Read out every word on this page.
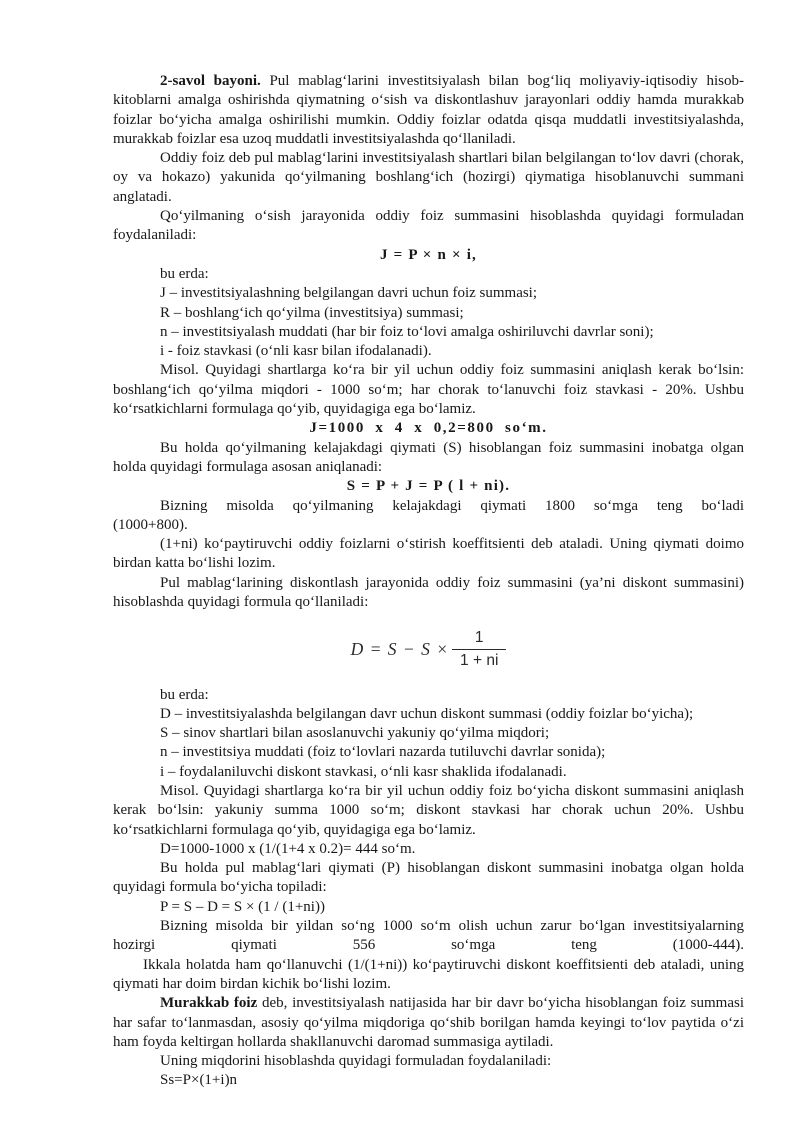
2-savol bayoni. Pul mablag‘larini investitsiyalash bilan bog‘liq moliyaviy-iqtisodiy hisob-kitoblarni amalga oshirishda qiymatning o‘sish va diskontlashuv jarayonlari oddiy hamda murakkab foizlar bo‘yicha amalga oshirilishi mumkin. Oddiy foizlar odatda qisqa muddatli investitsiyalashda, murakkab foizlar esa uzoq muddatli investitsiyalashda qo‘llaniladi.

Oddiy foiz deb pul mablag‘larini investitsiyalash shartlari bilan belgilangan to‘lov davri (chorak, oy va hokazo) yakunida qo‘yilmaning boshlang‘ich (hozirgi) qiymatiga hisoblanuvchi summani anglatadi.

Qo‘yilmaning o‘sish jarayonida oddiy foiz summasini hisoblashda quyidagi formuladan foydalaniladi:

J = P × n × i,

bu erda:

J – investitsiyalashning belgilangan davri uchun foiz summasi;

R – boshlang‘ich qo‘yilma (investitsiya) summasi;

n – investitsiyalash muddati (har bir foiz to‘lovi amalga oshiriluvchi davrlar soni);

i - foiz stavkasi (o‘nli kasr bilan ifodalanadi).

Misol. Quyidagi shartlarga ko‘ra bir yil uchun oddiy foiz summasini aniqlash kerak bo‘lsin: boshlang‘ich qo‘yilma miqdori - 1000 so‘m; har chorak to‘lanuvchi foiz stavkasi - 20%. Ushbu ko‘rsatkichlarni formulaga qo‘yib, quyidagiga ega bo‘lamiz.

J=1000 x 4 x 0,2=800 so‘m.

Bu holda qo‘yilmaning kelajakdagi qiymati (S) hisoblangan foiz summasini inobatga olgan holda quyidagi formulaga asosan aniqlanadi:

S = P + J = P ( l + ni).

Bizning misolda qo‘yilmaning kelajakdagi qiymati 1800 so‘mga teng bo‘ladi

(1000+800).

(1+ni) ko‘paytiruvchi oddiy foizlarni o‘stirish koeffitsienti deb ataladi. Uning qiymati doimo birdan katta bo‘lishi lozim.

Pul mablag‘larining diskontlash jarayonida oddiy foiz summasini (ya’ni diskont summasini) hisoblashda quyidagi formula qo‘llaniladi:

$D = S - S \times \frac{1}{1 + ni}$

bu erda:

D – investitsiyalashda belgilangan davr uchun diskont summasi (oddiy foizlar bo‘yicha);

S – sinov shartlari bilan asoslanuvchi yakuniy qo‘yilma miqdori;

n – investitsiya muddati (foiz to‘lovlari nazarda tutiluvchi davrlar sonida);

i – foydalaniluvchi diskont stavkasi, o‘nli kasr shaklida ifodalanadi.

Misol. Quyidagi shartlarga ko‘ra bir yil uchun oddiy foiz bo‘yicha diskont summasini aniqlash kerak bo‘lsin: yakuniy summa 1000 so‘m; diskont stavkasi har chorak uchun 20%. Ushbu ko‘rsatkichlarni formulaga qo‘yib, quyidagiga ega bo‘lamiz.

D=1000-1000 x (1/(1+4 x 0.2)= 444 so‘m.

Bu holda pul mablag‘lari qiymati (P) hisoblangan diskont summasini inobatga olgan holda quyidagi formula bo‘yicha topiladi:

P = S – D = S × (1 / (1+ni))

Bizning misolda bir yildan so‘ng 1000 so‘m olish uchun zarur bo‘lgan investitsiyalarning

hozirgi qiymati 556 so‘mga teng (1000-444).

Ikkala holatda ham qo‘llanuvchi (1/(1+ni)) ko‘paytiruvchi diskont koeffitsienti deb ataladi, uning qiymati har doim birdan kichik bo‘lishi lozim.

Murakkab foiz deb, investitsiyalash natijasida har bir davr bo‘yicha hisoblangan foiz summasi har safar to‘lanmasdan, asosiy qo‘yilma miqdoriga qo‘shib borilgan hamda keyingi to‘lov paytida o‘zi ham foyda keltirgan hollarda shakllanuvchi daromad summasiga aytiladi.

Uning miqdorini hisoblashda quyidagi formuladan foydalaniladi:

Ss=P×(1+i)n
